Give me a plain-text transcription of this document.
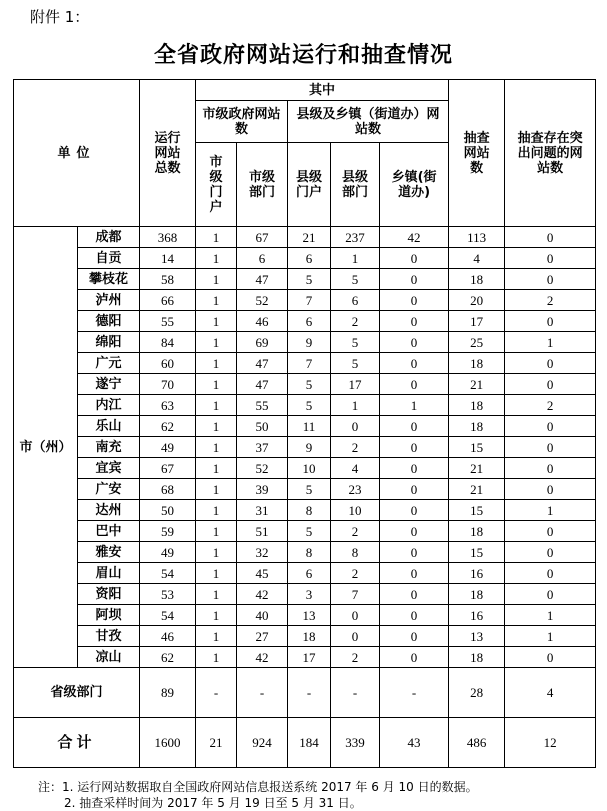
附件 1：
全省政府网站运行和抽查情况
单位		运行网站总数	其中					抽查网站数	抽查存在突出问题的网站数
			市级政府网站数		县级及乡镇（街道办）网站数				
			市级门户	市级部门	县级门户	县级部门	乡镇(街道办)		
市（州）	成都	368	1	67	21	237	42	113	0
	自贡	14	1	6	6	1	0	4	0
	攀枝花	58	1	47	5	5	0	18	0
	泸州	66	1	52	7	6	0	20	2
	德阳	55	1	46	6	2	0	17	0
	绵阳	84	1	69	9	5	0	25	1
	广元	60	1	47	7	5	0	18	0
	遂宁	70	1	47	5	17	0	21	0
	内江	63	1	55	5	1	1	18	2
	乐山	62	1	50	11	0	0	18	0
	南充	49	1	37	9	2	0	15	0
	宜宾	67	1	52	10	4	0	21	0
	广安	68	1	39	5	23	0	21	0
	达州	50	1	31	8	10	0	15	1
	巴中	59	1	51	5	2	0	18	0
	雅安	49	1	32	8	8	0	15	0
	眉山	54	1	45	6	2	0	16	0
	资阳	53	1	42	3	7	0	18	0
	阿坝	54	1	40	13	0	0	16	1
	甘孜	46	1	27	18	0	0	13	1
	凉山	62	1	42	17	2	0	18	0
省级部门		89	-	-	-	-	-	28	4
合计		1600	21	924	184	339	43	486	12
注：1. 运行网站数据取自全国政府网站信息报送系统 2017 年 6 月 10 日的数据。
2. 抽查采样时间为 2017 年 5 月 19 日至 5 月 31 日。
